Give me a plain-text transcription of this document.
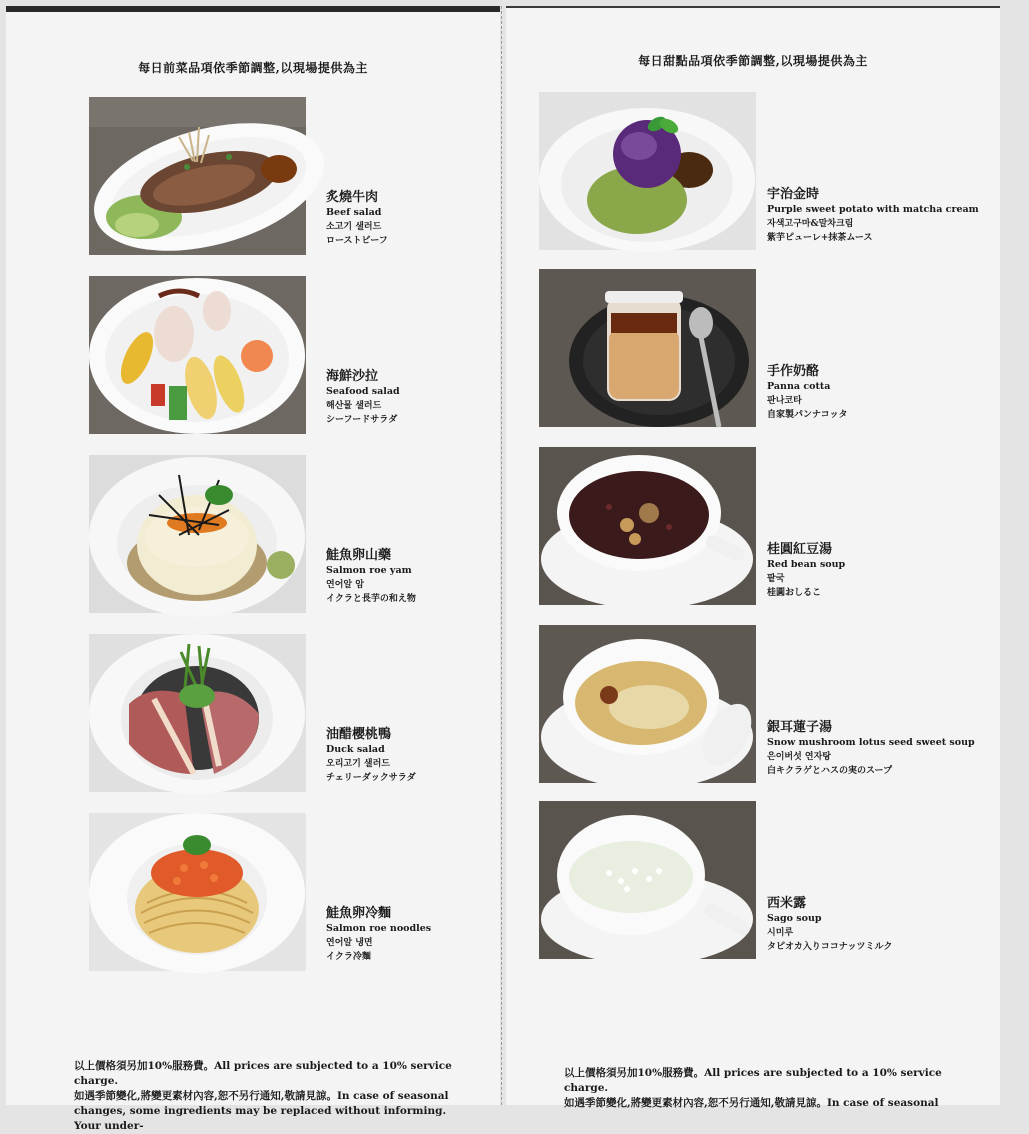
每日前菜品項依季節調整,以現場提供為主
炙燒牛肉
Beef salad
소고기 샐러드
ローストビーフ
海鮮沙拉
Seafood salad
해산물 샐러드
シーフードサラダ
鮭魚卵山藥
Salmon roe yam
연어알 암
イクラと長芋の和え物
油醋櫻桃鴨
Duck salad
오리고기 샐러드
チェリーダックサラダ
鮭魚卵冷麵
Salmon roe noodles
연어알 냉면
イクラ冷麺
以上價格須另加10%服務費。All prices are subjected to a 10% service charge.
如遇季節變化,將變更素材內容,恕不另行通知,敬請見諒。In case of seasonal
changes, some ingredients may be replaced without informing. Your under-
每日甜點品項依季節調整,以現場提供為主
宇治金時
Purple sweet potato with matcha cream
자색고구마&말차크림
紫芋ピューレ+抹茶ムース
手作奶酪
Panna cotta
판나코타
自家製パンナコッタ
桂圓紅豆湯
Red bean soup
팥국
桂圓おしるこ
銀耳蓮子湯
Snow mushroom lotus seed sweet soup
은이버섯 연자탕
白キクラゲとハスの実のスープ
西米露
Sago soup
시미루
タピオカ入りココナッツミルク
以上價格須另加10%服務費。All prices are subjected to a 10% service charge.
如遇季節變化,將變更素材內容,恕不另行通知,敬請見諒。In case of seasonal
